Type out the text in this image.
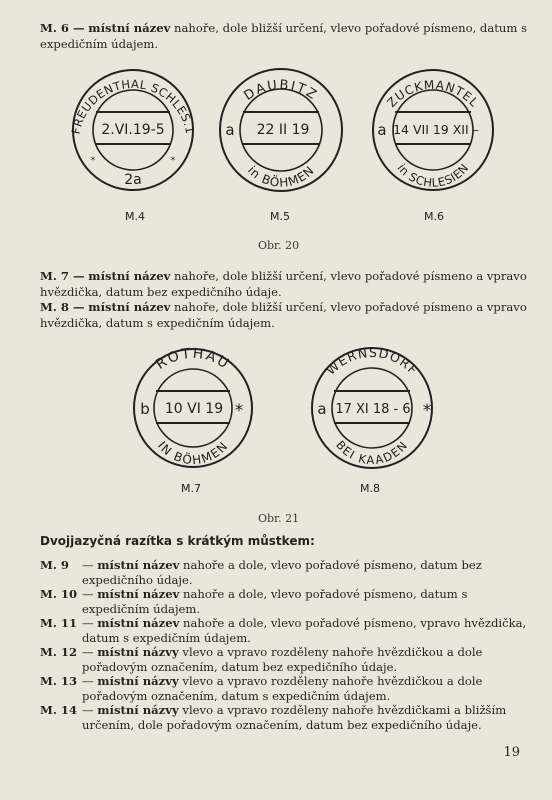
M. 6 — místní název nahoře, dole bližší určení, vlevo pořadové písmeno, datum s expedičním údajem.
FREUDENTHAL SCHLES.1
2.VI.19-5
*	*
2a
M.4
DAUBITZ
a 22 II 19
in BÖHMEN
M.5
ZUCKMANTEL
a 14 VII 19 XII –
in SCHLESIEN
M.6
Obr. 20
M. 7 — místní název nahoře, dole bližší určení, vlevo pořadové písmeno a vpravo hvězdička, datum bez expedičního údaje.
M. 8 — místní název nahoře, dole bližší určení, vlevo pořadové písmeno a vpravo hvězdička, datum s expedičním údajem.
ROTHAU
b 10 VI 19 *
IN BÖHMEN
M.7
WERNSDORF
a 17 XI 18 - 6 *
BEI KAADEN
M.8
Obr. 21
Dvojjazyčná razítka s krátkým můstkem:
M. 9 — místní název nahoře a dole, vlevo pořadové písmeno, datum bez expedičního údaje.
M. 10 — místní název nahoře a dole, vlevo pořadové písmeno, datum s expedičním údajem.
M. 11 — místní název nahoře a dole, vlevo pořadové písmeno, vpravo hvězdička, datum s expedičním údajem.
M. 12 — místní názvy vlevo a vpravo rozděleny nahoře hvězdičkou a dole pořadovým označením, datum bez expedičního údaje.
M. 13 — místní názvy vlevo a vpravo rozděleny nahoře hvězdičkou a dole pořadovým označením, datum s expedičním údajem.
M. 14 — místní názvy vlevo a vpravo rozděleny nahoře hvězdičkami a bližším určením, dole pořadovým označením, datum bez expedičního údaje.
19
